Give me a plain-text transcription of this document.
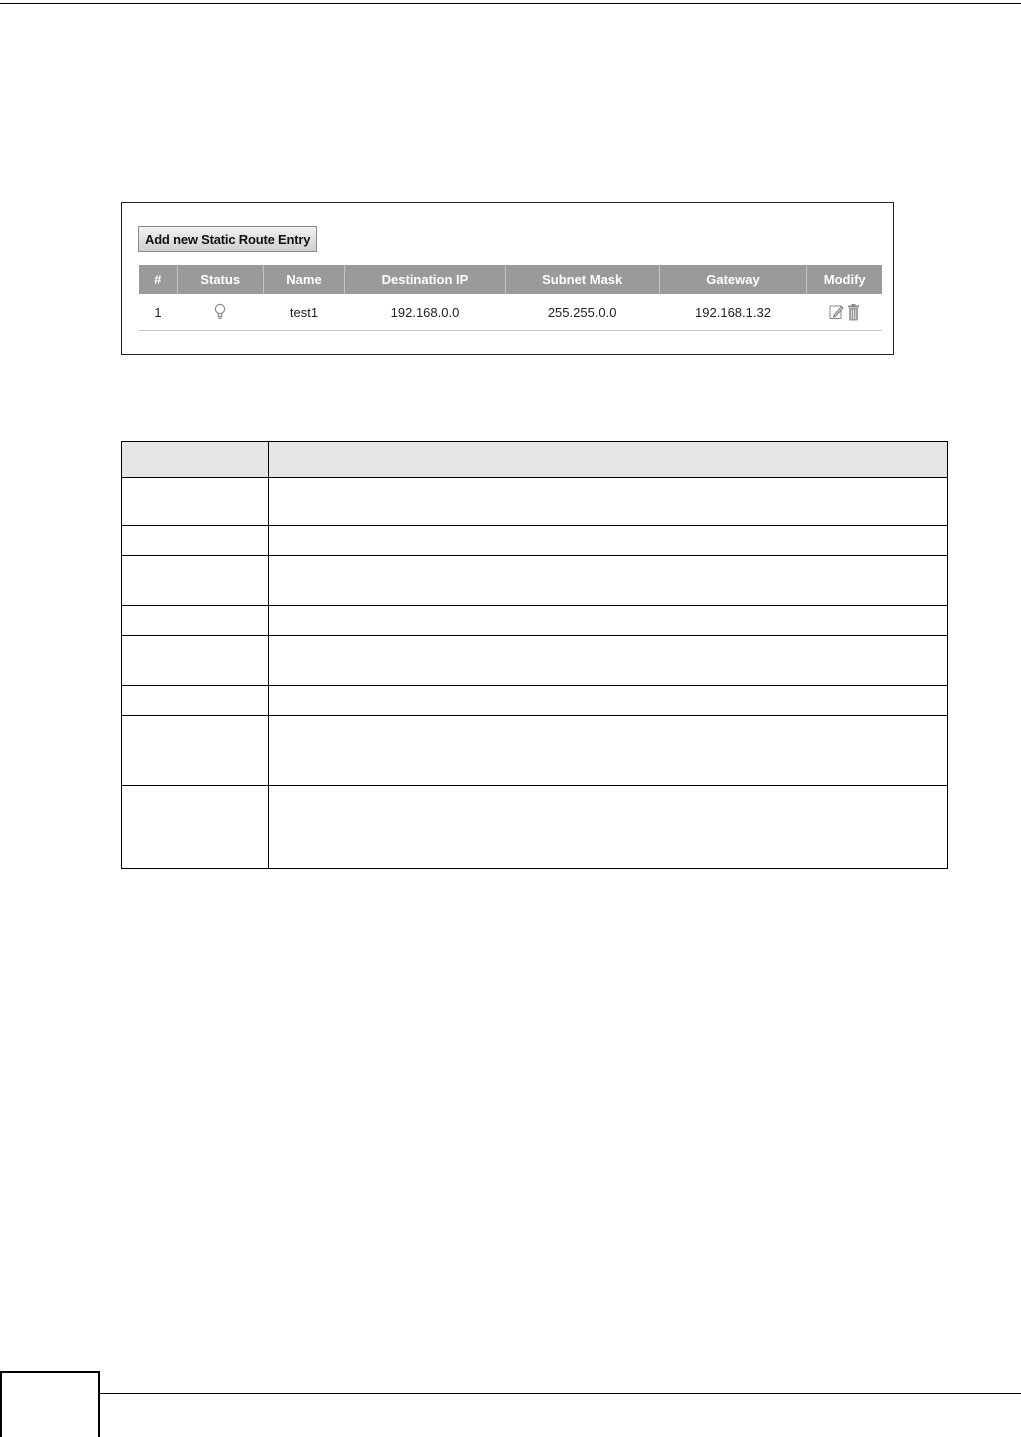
Add new Static Route Entry
#	Status	Name	Destination IP	Subnet Mask	Gateway	Modify
1		test1	192.168.0.0	255.255.0.0	192.168.1.32	
